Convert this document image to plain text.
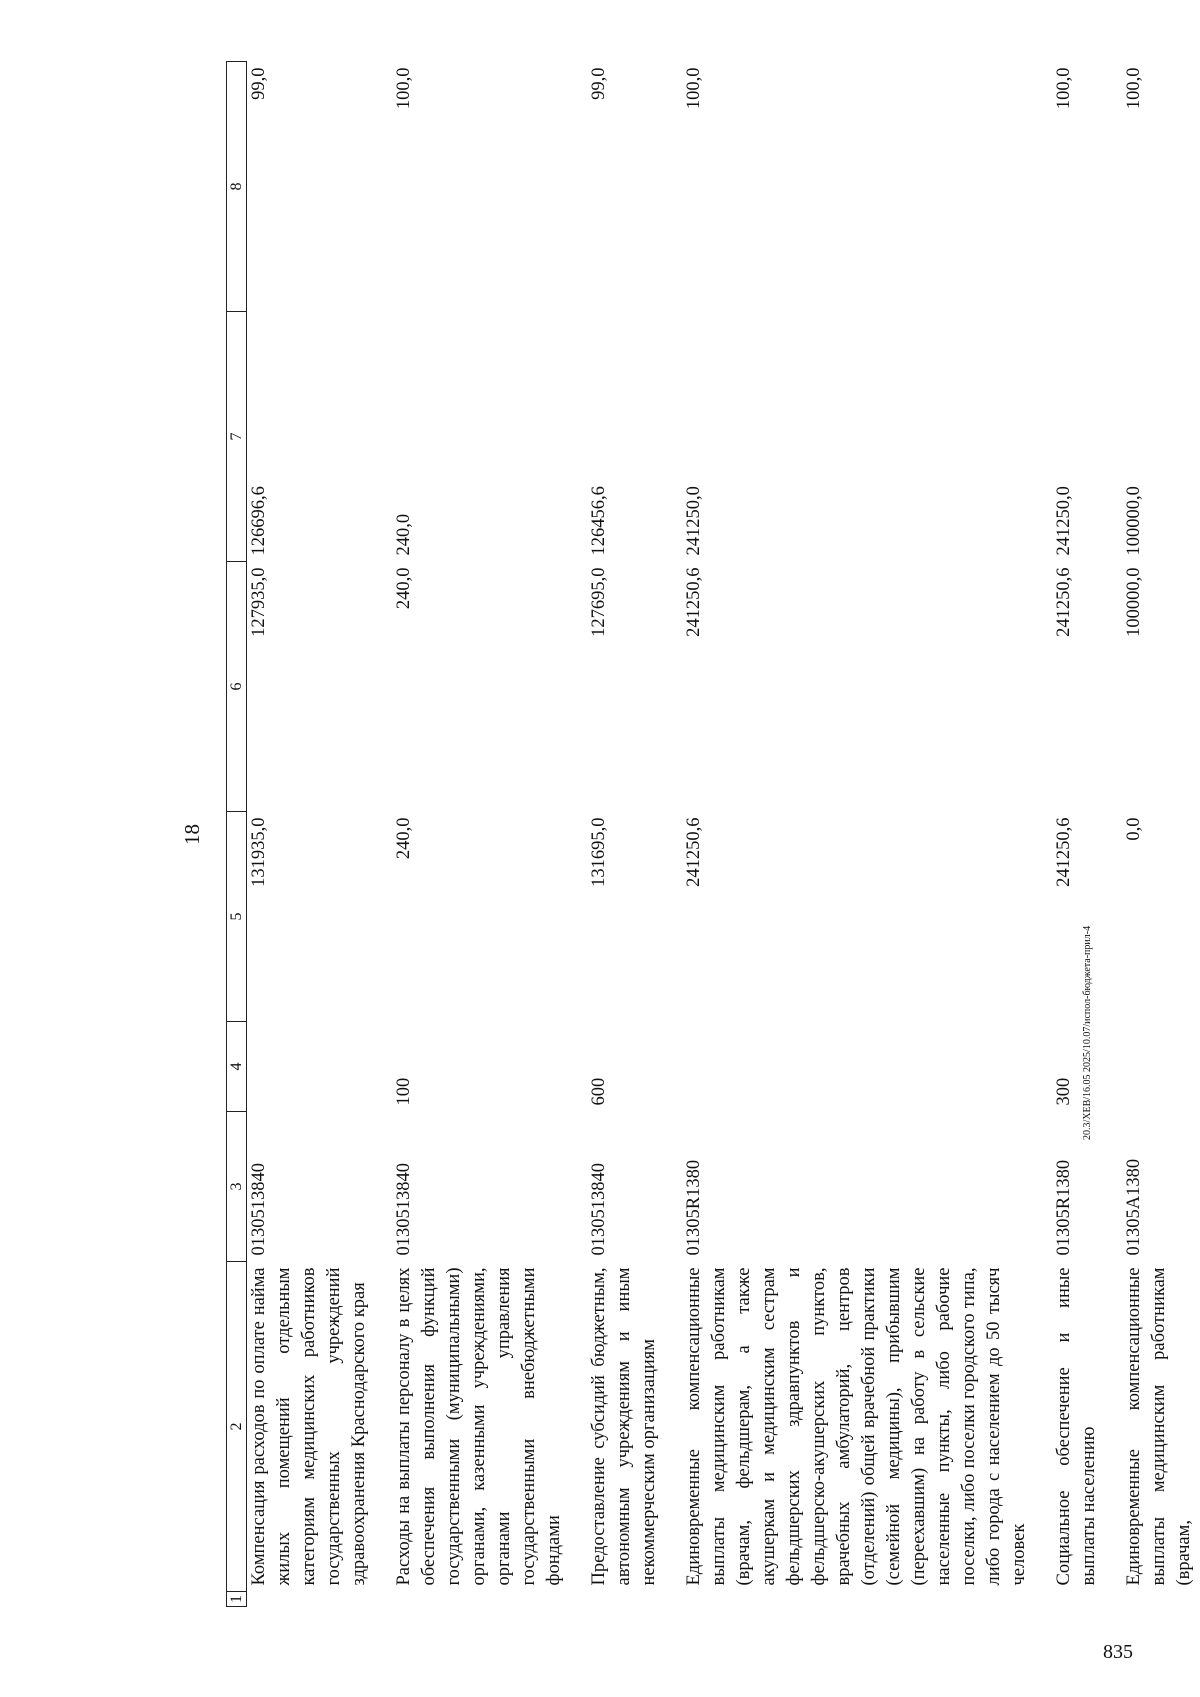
18
1	2	3	4	5	6	7	8
	Компенсация расходов по оплате найма жилых помещений отдельным категориям медицинских работников государственных учреждений здравоохранения Краснодарского края	0130513840		131935,0	127935,0	126696,6	99,0
	Расходы на выплаты персоналу в целях обеспечения выполнения функций государственными (муниципальными) органами, казенными учреждениями, органами управления государственными внебюджетными фондами	0130513840	100	240,0	240,0	240,0	100,0
	Предоставление субсидий бюджетным, автономным учреждениям и иным некоммерческим организациям	0130513840	600	131695,0	127695,0	126456,6	99,0
	Единовременные компенсационные выплаты медицинским работникам (врачам, фельдшерам, а также акушеркам и медицинским сестрам фельдшерских здравпунктов и фельдшерско-акушерских пунктов, врачебных амбулаторий, центров (отделений) общей врачебной практики (семейной медицины), прибывшим (переехавшим) на работу в сельские населенные пункты, либо рабочие поселки, либо поселки городского типа, либо города с населением до 50 тысяч человек	01305R1380		241250,6	241250,6	241250,0	100,0
	Социальное обеспечение и иные выплаты населению	01305R1380	300	241250,6	241250,6	241250,0	100,0
	Единовременные компенсационные выплаты медицинским работникам (врачам,	01305A1380		0,0	100000,0	100000,0	100,0
20.3/XEB/16.05 2025/10.07/испол-бюджета-прил-4
835
